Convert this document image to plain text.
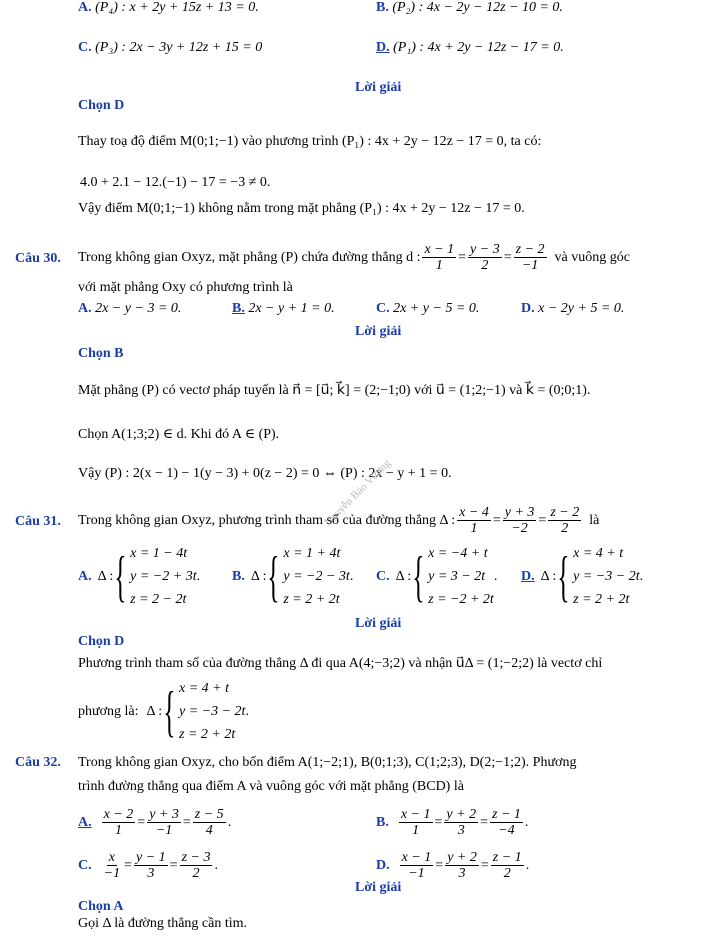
A. (P₄) : x + 2y + 15z + 13 = 0.	B. (P₂) : 4x − 2y − 12z − 10 = 0.
C. (P₃) : 2x − 3y + 12z + 15 = 0	D. (P₁) : 4x + 2y − 12z − 17 = 0.
Lời giải
Chọn D
Thay toạ độ điểm M(0;1;−1) vào phương trình (P₁) : 4x + 2y − 12z − 17 = 0, ta có:
4.0 + 2.1 − 12.(−1) − 17 = −3 ≠ 0.
Vậy điểm M(0;1;−1) không nằm trong mặt phẳng (P₁) : 4x + 2y − 12z − 17 = 0.
Câu 30. Trong không gian Oxyz, mặt phẳng (P) chứa đường thẳng d : $\frac{x - 1}{1} = \frac{y - 3}{2} = \frac{z - 2}{-1}$ và vuông góc
với mặt phẳng Oxy có phương trình là
A. 2x − y − 3 = 0.	B. 2x − y + 1 = 0.	C. 2x + y − 5 = 0.	D. x − 2y + 5 = 0.
Lời giải
Chọn B
Mặt phẳng (P) có vectơ pháp tuyến là n⃗ = [u⃗; k⃗] = (2;−1;0) với u⃗ = (1;2;−1) và k⃗ = (0;0;1).
Chọn A(1;3;2) ∈ d. Khi đó A ∈ (P).
Vậy (P) : 2(x − 1) − 1(y − 3) + 0(z − 2) = 0 ⇔ (P) : 2x − y + 1 = 0.
Nguyễn Bảo Vương
Câu 31. Trong không gian Oxyz, phương trình tham số của đường thẳng Δ : $\frac{x - 4}{1} = \frac{y + 3}{-2} = \frac{z - 2}{2}$ là
A. Δ : { x = 1 − 4t
y = −2 + 3t
z = 2 − 2t
. B. Δ : { x = 1 + 4t
y = −2 − 3t
z = 2 + 2t
. C. Δ : { x = −4 + t
y = 3 − 2t
z = −2 + 2t
. D. Δ : { x = 4 + t
y = −3 − 2t
z = 2 + 2t
.
Lời giải
Chọn D
Phương trình tham số của đường thẳng Δ đi qua A(4;−3;2) và nhận u⃗Δ = (1;−2;2) là vectơ chỉ
phương là: Δ : { x = 4 + t
y = −3 − 2t
z = 2 + 2t
.
Câu 32. Trong không gian Oxyz, cho bốn điểm A(1;−2;1), B(0;1;3), C(1;2;3), D(2;−1;2). Phương
trình đường thẳng qua điểm A và vuông góc với mặt phẳng (BCD) là
A. $\frac{x - 2}{1} = \frac{y + 3}{-1} = \frac{z - 5}{4}$ .	B. $\frac{x - 1}{1} = \frac{y + 2}{3} = \frac{z - 1}{-4}$ .
C. $\frac{x}{-1} = \frac{y - 1}{3} = \frac{z - 3}{2}$ .	D. $\frac{x - 1}{-1} = \frac{y + 2}{3} = \frac{z - 1}{2}$ .
Lời giải
Chọn A
Gọi Δ là đường thẳng cần tìm.
